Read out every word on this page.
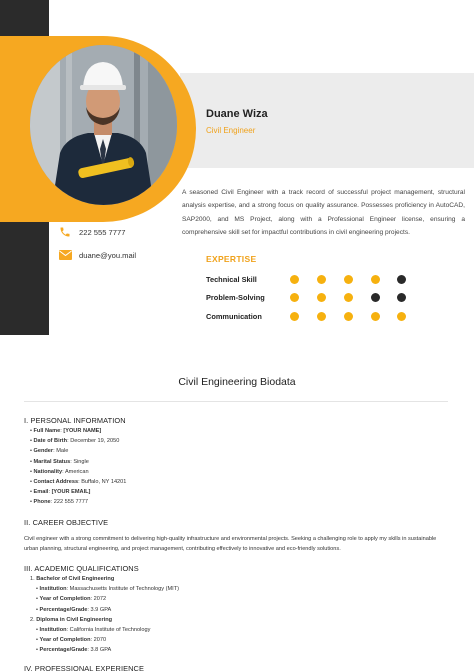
Duane Wiza
Civil Engineer
A seasoned Civil Engineer with a track record of successful project management, structural analysis expertise, and a strong focus on quality assurance. Possesses proficiency in AutoCAD, SAP2000, and MS Project, along with a Professional Engineer license, ensuring a comprehensive skill set for impactful contributions in civil engineering projects.
222 555 7777
duane@you.mail	EXPERTISE
Technical Skill
Problem-Solving
Communication
Civil Engineering Biodata
I. PERSONAL INFORMATION
• Full Name: [YOUR NAME]
• Date of Birth: December 19, 2050
• Gender: Male
• Marital Status: Single
• Nationality: American
• Contact Address: Buffalo, NY 14201
• Email: [YOUR EMAIL]
• Phone: 222 555 7777
II. CAREER OBJECTIVE
Civil engineer with a strong commitment to delivering high-quality infrastructure and environmental projects. Seeking a challenging role to apply my skills in sustainable urban planning, structural engineering, and project management, contributing effectively to innovative and eco-friendly solutions.
III. ACADEMIC QUALIFICATIONS
1. Bachelor of Civil Engineering
• Institution: Massachusetts Institute of Technology (MIT)
• Year of Completion: 2072
• Percentage/Grade: 3.9 GPA
2. Diploma in Civil Engineering
• Institution: California Institute of Technology
• Year of Completion: 2070
• Percentage/Grade: 3.8 GPA
IV. PROFESSIONAL EXPERIENCE
